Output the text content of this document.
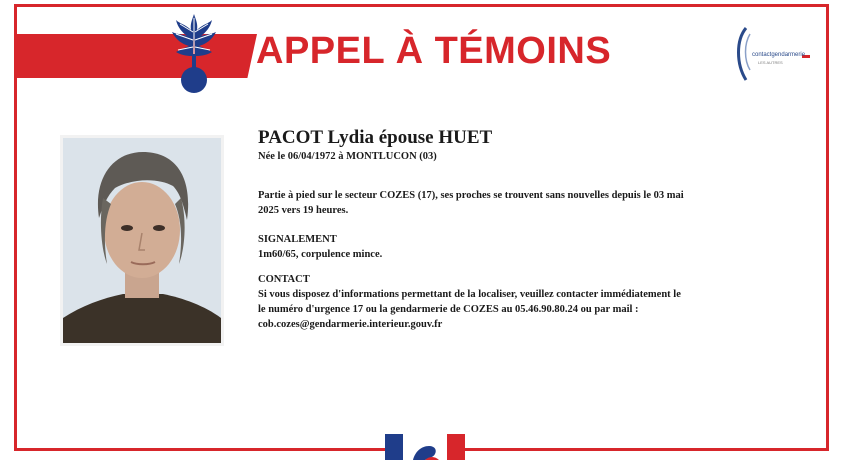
APPEL À TÉMOINS	contactgendarmerie
LES AUTRES

PACOT Lydia épouse HUET

Née le 06/04/1972 à MONTLUCON (03)

Partie à pied sur le secteur COZES (17), ses proches se trouvent sans nouvelles depuis le 03 mai

2025 vers 19 heures.

SIGNALEMENT

1m60/65, corpulence mince.

CONTACT

Si vous disposez d'informations permettant de la localiser, veuillez contacter immédiatement le

le numéro d'urgence 17 ou la gendarmerie de COZES au 05.46.90.80.24 ou par mail :

cob.cozes@gendarmerie.interieur.gouv.fr
